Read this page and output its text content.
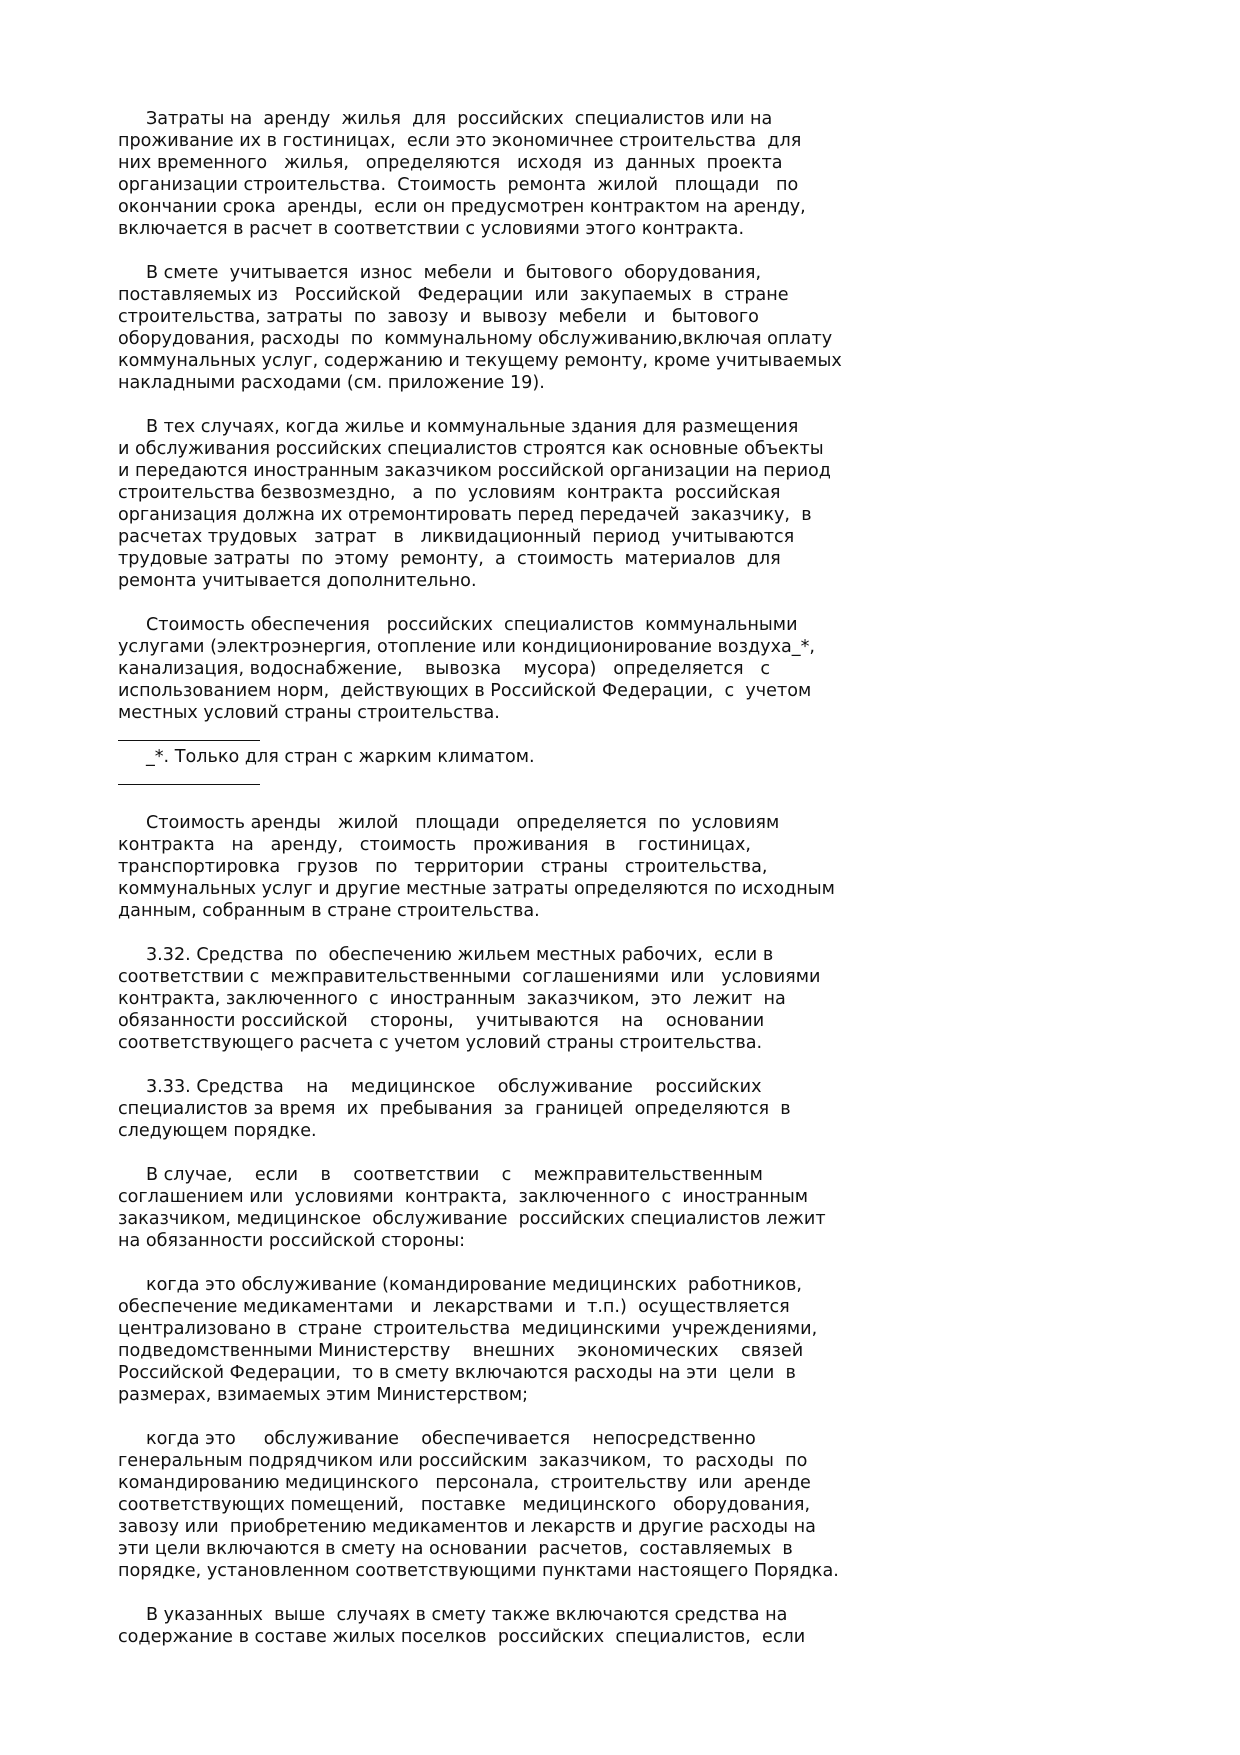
Затраты на  аренду  жилья  для  российских  специалистов или на
проживание их в гостиницах,  если это экономичнее строительства  для
них временного   жилья,   определяются   исходя  из  данных  проекта
организации строительства.  Стоимость  ремонта  жилой   площади   по
окончании срока  аренды,  если он предусмотрен контрактом на аренду,
включается в расчет в соответствии с условиями этого контракта.
В смете  учитывается  износ  мебели  и  бытового  оборудования,
поставляемых из   Российской   Федерации  или  закупаемых  в  стране
строительства, затраты  по  завозу  и  вывозу  мебели   и   бытового
оборудования, расходы  по  коммунальному обслуживанию,включая оплату
коммунальных услуг, содержанию и текущему ремонту, кроме учитываемых
накладными расходами (см. приложение 19).
В тех случаях, когда жилье и коммунальные здания для размещения
и обслуживания российских специалистов строятся как основные объекты
и передаются иностранным заказчиком российской организации на период
строительства безвозмездно,   а  по  условиям  контракта  российская
организация должна их отремонтировать перед передачей  заказчику,  в
расчетах трудовых   затрат   в   ликвидационный  период  учитываются
трудовые затраты  по  этому  ремонту,  а  стоимость  материалов  для
ремонта учитывается дополнительно.
Стоимость обеспечения   российских  специалистов  коммунальными
услугами (электроэнергия, отопление или кондиционирование воздуха_*,
канализация, водоснабжение,    вывозка    мусора)   определяется   с
использованием норм,  действующих в Российской Федерации,  с  учетом
местных условий страны строительства.
_*. Только для стран с жарким климатом.
Стоимость аренды   жилой   площади   определяется  по  условиям
контракта   на   аренду,   стоимость   проживания   в    гостиницах,
транспортировка   грузов   по   территории   страны   строительства,
коммунальных услуг и другие местные затраты определяются по исходным
данным, собранным в стране строительства.
3.32. Средства  по  обеспечению жильем местных рабочих,  если в
соответствии с  межправительственными  соглашениями  или   условиями
контракта, заключенного  с  иностранным  заказчиком,  это  лежит  на
обязанности российской    стороны,    учитываются    на    основании
соответствующего расчета с учетом условий страны строительства.
3.33. Средства    на    медицинское    обслуживание    российских
специалистов за время  их  пребывания  за  границей  определяются  в
следующем порядке.
В случае,    если    в    соответствии    с    межправительственным
соглашением или  условиями  контракта,  заключенного  с  иностранным
заказчиком, медицинское  обслуживание  российских специалистов лежит
на обязанности российской стороны:
когда это обслуживание (командирование медицинских  работников,
обеспечение медикаментами   и  лекарствами  и  т.п.)  осуществляется
централизовано в  стране  строительства  медицинскими  учреждениями,
подведомственными Министерству    внешних    экономических    связей
Российской Федерации,  то в смету включаются расходы на эти  цели  в
размерах, взимаемых этим Министерством;
когда это     обслуживание    обеспечивается    непосредственно
генеральным подрядчиком или российским  заказчиком,  то  расходы  по
командированию медицинского   персонала,  строительству  или  аренде
соответствующих помещений,   поставке   медицинского   оборудования,
завозу или  приобретению медикаментов и лекарств и другие расходы на
эти цели включаются в смету на основании  расчетов,  составляемых  в
порядке, установленном соответствующими пунктами настоящего Порядка.
В указанных  выше  случаях в смету также включаются средства на
содержание в составе жилых поселков  российских  специалистов,  если
